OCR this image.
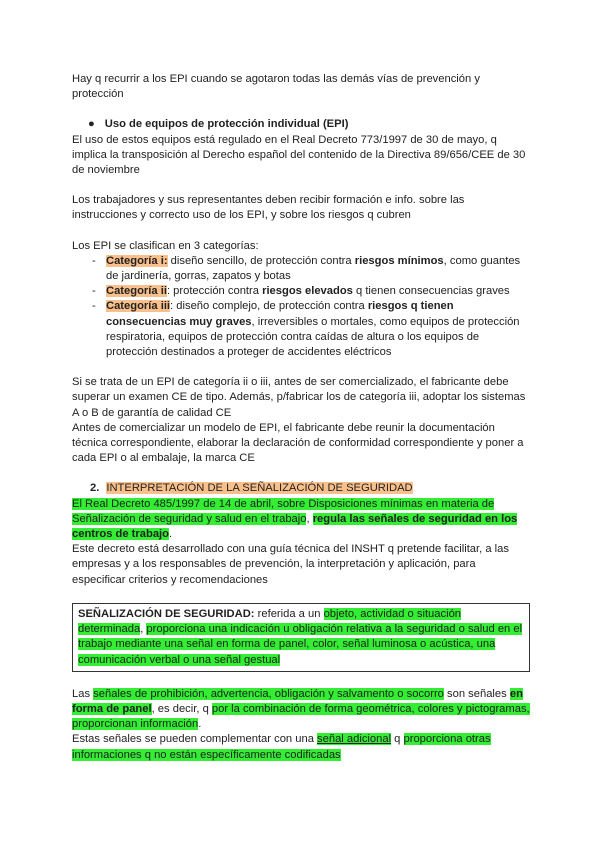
Hay q recurrir a los EPI cuando se agotaron todas las demás vías de prevención y protección

● Uso de equipos de protección individual (EPI)

El uso de estos equipos está regulado en el Real Decreto 773/1997 de 30 de mayo, q implica la transposición al Derecho español del contenido de la Directiva 89/656/CEE de 30 de noviembre

Los trabajadores y sus representantes deben recibir formación e info. sobre las instrucciones y correcto uso de los EPI, y sobre los riesgos q cubren

Los EPI se clasifican en 3 categorías:

- Categoría i: diseño sencillo, de protección contra riesgos mínimos, como guantes de jardinería, gorras, zapatos y botas
- Categoría ii: protección contra riesgos elevados q tienen consecuencias graves
- Categoría iii: diseño complejo, de protección contra riesgos q tienen consecuencias muy graves, irreversibles o mortales, como equipos de protección respiratoria, equipos de protección contra caídas de altura o los equipos de protección destinados a proteger de accidentes eléctricos

Si se trata de un EPI de categoría ii o iii, antes de ser comercializado, el fabricante debe superar un examen CE de tipo. Además, p/fabricar los de categoría iii, adoptar los sistemas A o B de garantía de calidad CE

Antes de comercializar un modelo de EPI, el fabricante debe reunir la documentación técnica correspondiente, elaborar la declaración de conformidad correspondiente y poner a cada EPI o al embalaje, la marca CE

2. INTERPRETACIÓN DE LA SEÑALIZACIÓN DE SEGURIDAD

El Real Decreto 485/1997 de 14 de abril, sobre Disposiciones mínimas en materia de Señalización de seguridad y salud en el trabajo, regula las señales de seguridad en los centros de trabajo.

Este decreto está desarrollado con una guía técnica del INSHT q pretende facilitar, a las empresas y a los responsables de prevención, la interpretación y aplicación, para especificar criterios y recomendaciones

SEÑALIZACIÓN DE SEGURIDAD: referida a un objeto, actividad o situación determinada, proporciona una indicación u obligación relativa a la seguridad o salud en el trabajo mediante una señal en forma de panel, color, señal luminosa o acústica, una comunicación verbal o una señal gestual

Las señales de prohibición, advertencia, obligación y salvamento o socorro son señales en forma de panel, es decir, q por la combinación de forma geométrica, colores y pictogramas, proporcionan información.

Estas señales se pueden complementar con una señal adicional q proporciona otras informaciones q no están específicamente codificadas
